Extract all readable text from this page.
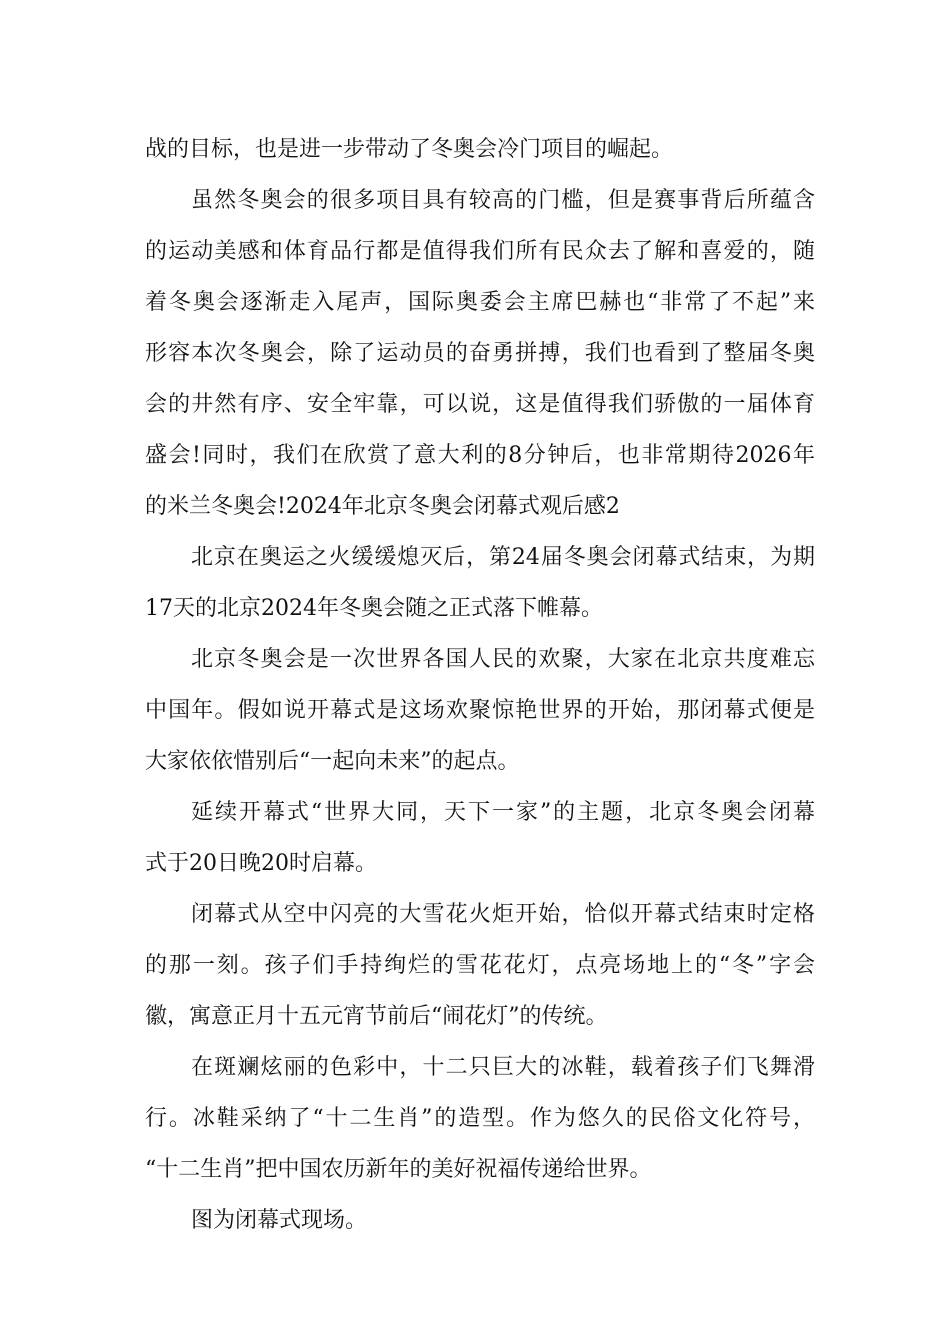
战的目标，也是进一步带动了冬奥会冷门项目的崛起。
虽然冬奥会的很多项目具有较高的门槛，但是赛事背后所蕴含
的运动美感和体育品行都是值得我们所有民众去了解和喜爱的，随
着冬奥会逐渐走入尾声，国际奥委会主席巴赫也“非常了不起”来
形容本次冬奥会，除了运动员的奋勇拼搏，我们也看到了整届冬奥
会的井然有序、安全牢靠，可以说，这是值得我们骄傲的一届体育
盛会!同时，我们在欣赏了意大利的8分钟后，也非常期待2026年
的米兰冬奥会!2024年北京冬奥会闭幕式观后感2
北京在奥运之火缓缓熄灭后，第24届冬奥会闭幕式结束，为期
17天的北京2024年冬奥会随之正式落下帷幕。
北京冬奥会是一次世界各国人民的欢聚，大家在北京共度难忘
中国年。假如说开幕式是这场欢聚惊艳世界的开始，那闭幕式便是
大家依依惜别后“一起向未来”的起点。
延续开幕式“世界大同，天下一家”的主题，北京冬奥会闭幕
式于20日晚20时启幕。
闭幕式从空中闪亮的大雪花火炬开始，恰似开幕式结束时定格
的那一刻。孩子们手持绚烂的雪花花灯，点亮场地上的“冬”字会
徽，寓意正月十五元宵节前后“闹花灯”的传统。
在斑斓炫丽的色彩中，十二只巨大的冰鞋，载着孩子们飞舞滑
行。冰鞋采纳了“十二生肖”的造型。作为悠久的民俗文化符号，
“十二生肖”把中国农历新年的美好祝福传递给世界。
图为闭幕式现场。
